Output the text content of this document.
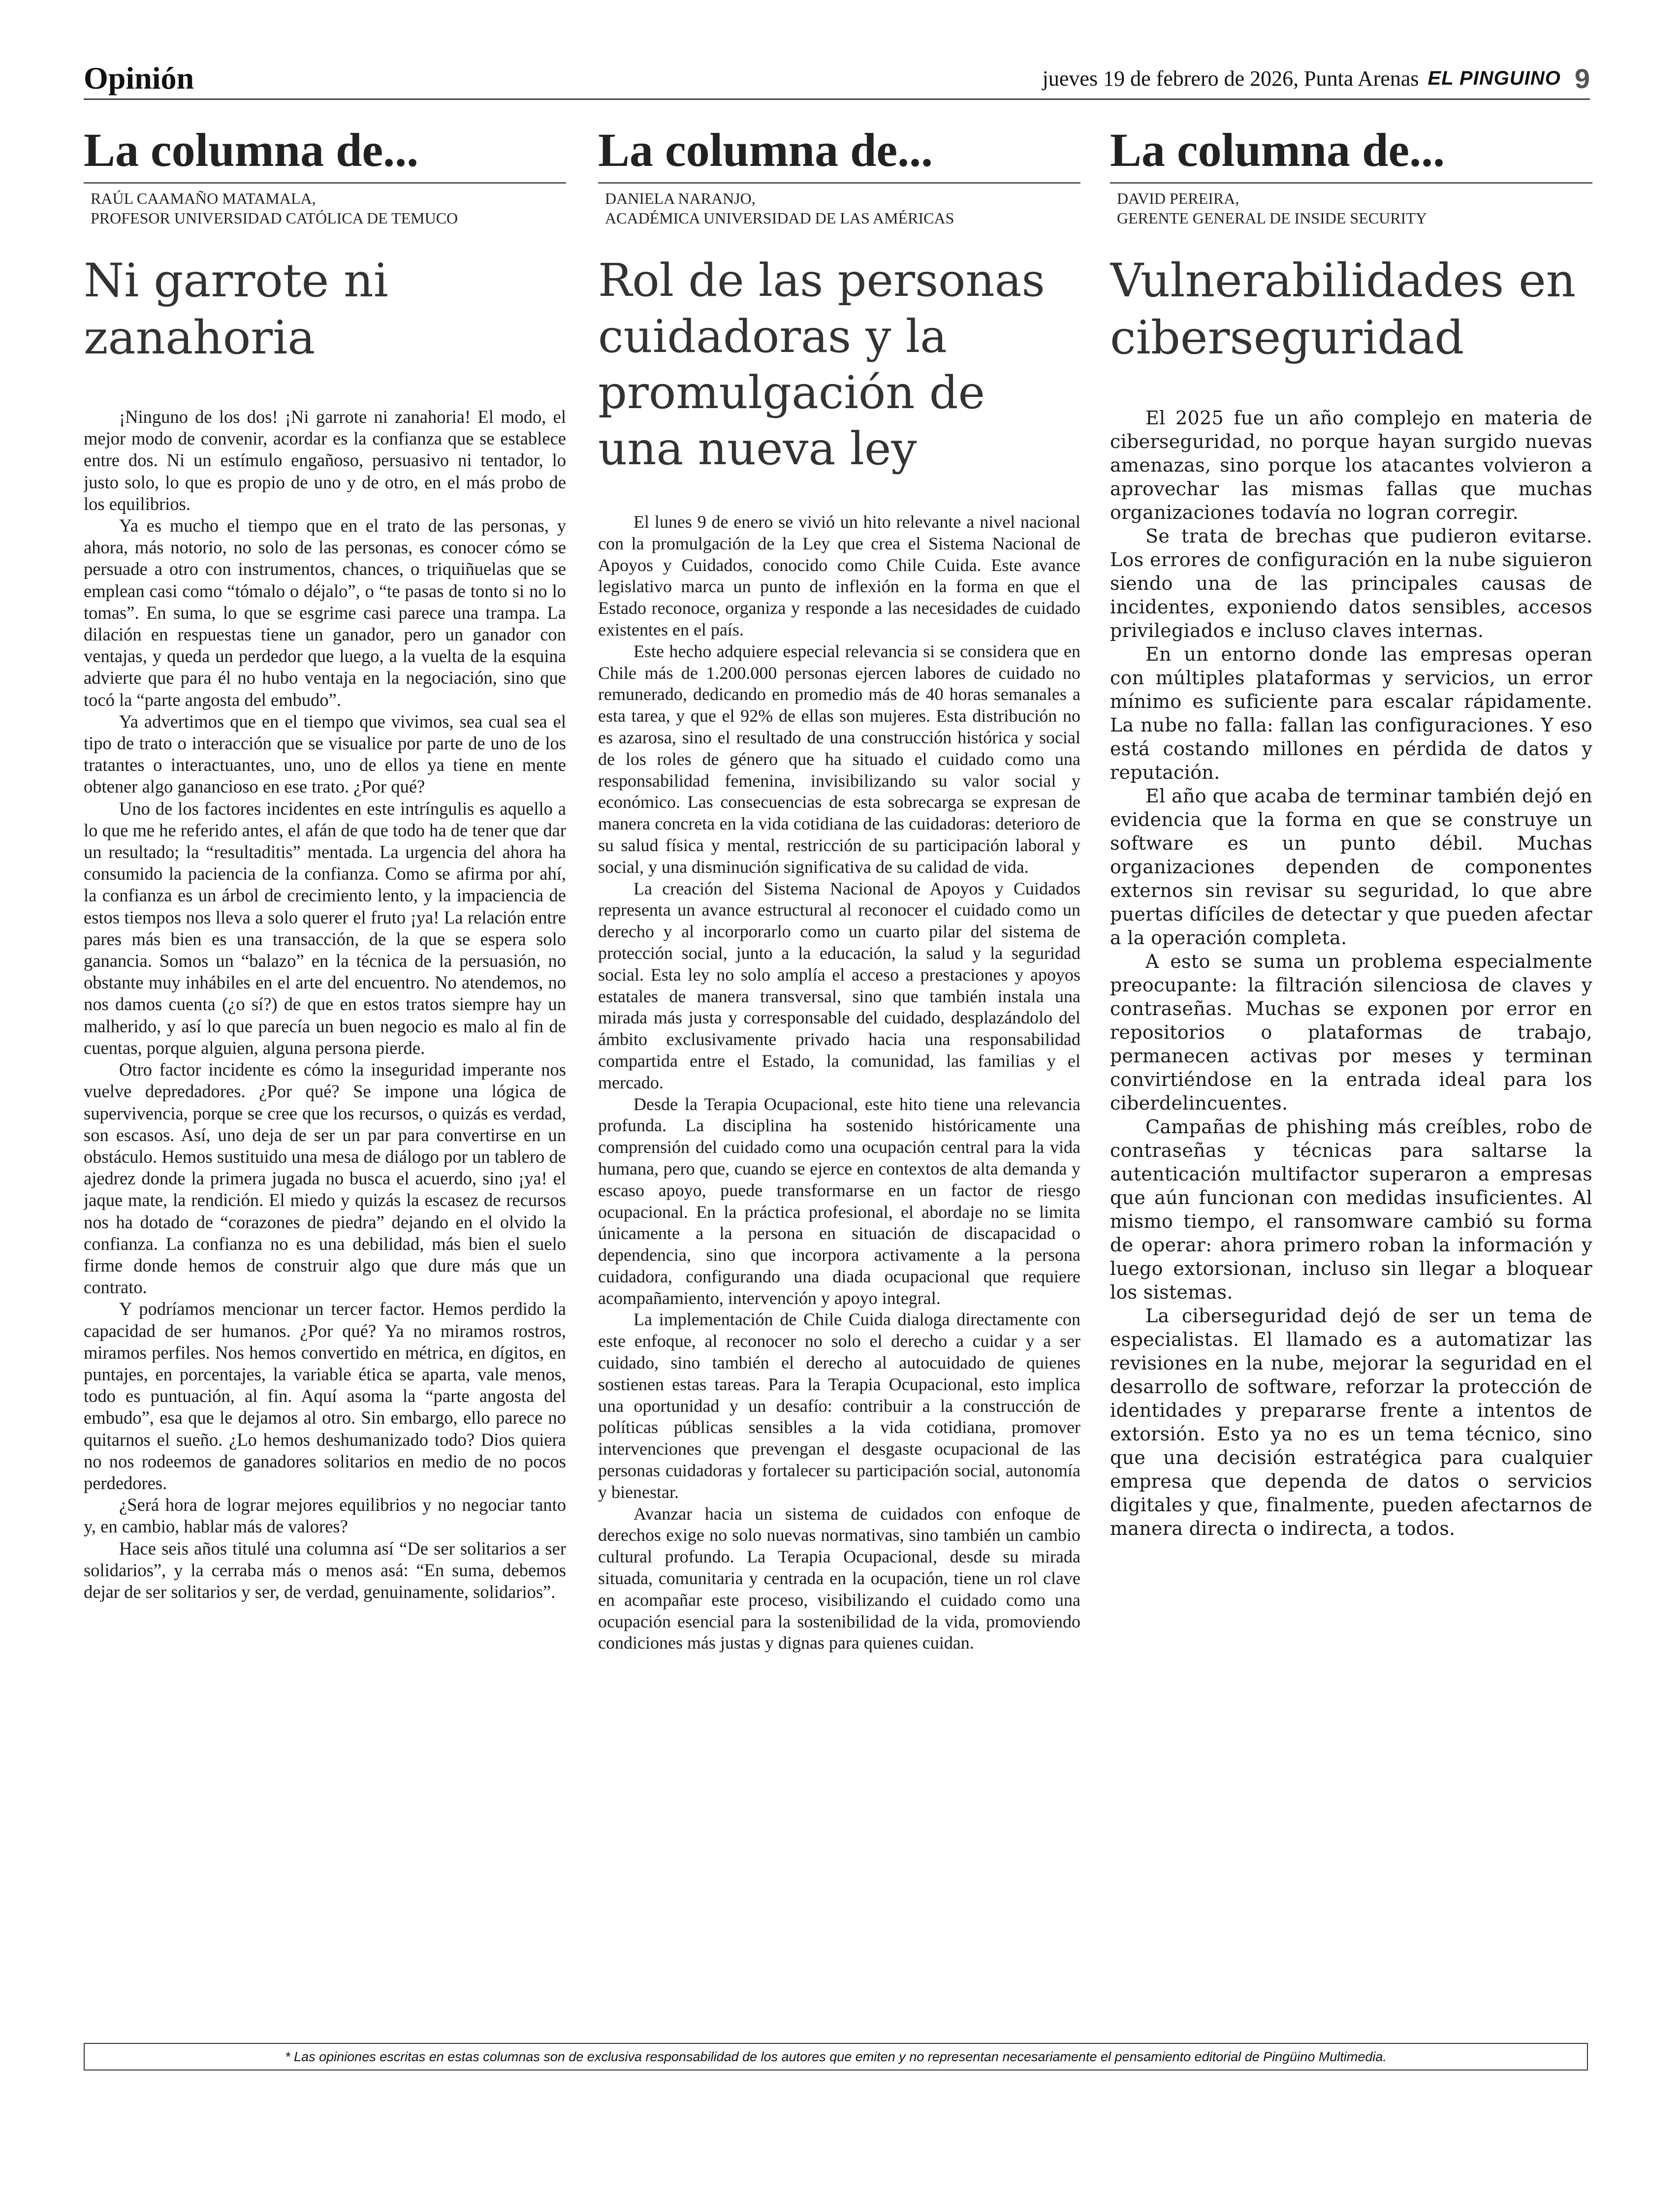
Opinión	jueves 19 de febrero de 2026, Punta Arenas EL PINGUINO 9
La columna de...
RAÚL CAAMAÑO MATAMALA,
PROFESOR UNIVERSIDAD CATÓLICA DE TEMUCO
Ni garrote ni zanahoria

¡Ninguno de los dos! ¡Ni garrote ni zanahoria! El modo, el mejor modo de convenir, acordar es la confianza que se establece entre dos. Ni un estímulo engañoso, persuasivo ni tentador, lo justo solo, lo que es propio de uno y de otro, en el más probo de los equilibrios.

Ya es mucho el tiempo que en el trato de las personas, y ahora, más notorio, no solo de las personas, es conocer cómo se persuade a otro con instrumentos, chances, o triquiñuelas que se emplean casi como “tómalo o déjalo”, o “te pasas de tonto si no lo tomas”. En suma, lo que se esgrime casi parece una trampa. La dilación en respuestas tiene un ganador, pero un ganador con ventajas, y queda un perdedor que luego, a la vuelta de la esquina advierte que para él no hubo ventaja en la negociación, sino que tocó la “parte angosta del embudo”.

Ya advertimos que en el tiempo que vivimos, sea cual sea el tipo de trato o interacción que se visualice por parte de uno de los tratantes o interactuantes, uno, uno de ellos ya tiene en mente obtener algo ganancioso en ese trato. ¿Por qué?

Uno de los factores incidentes en este intríngulis es aquello a lo que me he referido antes, el afán de que todo ha de tener que dar un resultado; la “resultaditis” mentada. La urgencia del ahora ha consumido la paciencia de la confianza. Como se afirma por ahí, la confianza es un árbol de crecimiento lento, y la impaciencia de estos tiempos nos lleva a solo querer el fruto ¡ya! La relación entre pares más bien es una transacción, de la que se espera solo ganancia. Somos un “balazo” en la técnica de la persuasión, no obstante muy inhábiles en el arte del encuentro. No atendemos, no nos damos cuenta (¿o sí?) de que en estos tratos siempre hay un malherido, y así lo que parecía un buen negocio es malo al fin de cuentas, porque alguien, alguna persona pierde.

Otro factor incidente es cómo la inseguridad imperante nos vuelve depredadores. ¿Por qué? Se impone una lógica de supervivencia, porque se cree que los recursos, o quizás es verdad, son escasos. Así, uno deja de ser un par para convertirse en un obstáculo. Hemos sustituido una mesa de diálogo por un tablero de ajedrez donde la primera jugada no busca el acuerdo, sino ¡ya! el jaque mate, la rendición. El miedo y quizás la escasez de recursos nos ha dotado de “corazones de piedra” dejando en el olvido la confianza. La confianza no es una debilidad, más bien el suelo firme donde hemos de construir algo que dure más que un contrato.

Y podríamos mencionar un tercer factor. Hemos perdido la capacidad de ser humanos. ¿Por qué? Ya no miramos rostros, miramos perfiles. Nos hemos convertido en métrica, en dígitos, en puntajes, en porcentajes, la variable ética se aparta, vale menos, todo es puntuación, al fin. Aquí asoma la “parte angosta del embudo”, esa que le dejamos al otro. Sin embargo, ello parece no quitarnos el sueño. ¿Lo hemos deshumanizado todo? Dios quiera no nos rodeemos de ganadores solitarios en medio de no pocos perdedores.

¿Será hora de lograr mejores equilibrios y no negociar tanto y, en cambio, hablar más de valores?

Hace seis años titulé una columna así “De ser solitarios a ser solidarios”, y la cerraba más o menos asá: “En suma, debemos dejar de ser solitarios y ser, de verdad, genuinamente, solidarios”.

La columna de...
DANIELA NARANJO,
ACADÉMICA UNIVERSIDAD DE LAS AMÉRICAS
Rol de las personas cuidadoras y la promulgación de una nueva ley

El lunes 9 de enero se vivió un hito relevante a nivel nacional con la promulgación de la Ley que crea el Sistema Nacional de Apoyos y Cuidados, conocido como Chile Cuida. Este avance legislativo marca un punto de inflexión en la forma en que el Estado reconoce, organiza y responde a las necesidades de cuidado existentes en el país.

Este hecho adquiere especial relevancia si se considera que en Chile más de 1.200.000 personas ejercen labores de cuidado no remunerado, dedicando en promedio más de 40 horas semanales a esta tarea, y que el 92% de ellas son mujeres. Esta distribución no es azarosa, sino el resultado de una construcción histórica y social de los roles de género que ha situado el cuidado como una responsabilidad femenina, invisibilizando su valor social y económico. Las consecuencias de esta sobrecarga se expresan de manera concreta en la vida cotidiana de las cuidadoras: deterioro de su salud física y mental, restricción de su participación laboral y social, y una disminución significativa de su calidad de vida.

La creación del Sistema Nacional de Apoyos y Cuidados representa un avance estructural al reconocer el cuidado como un derecho y al incorporarlo como un cuarto pilar del sistema de protección social, junto a la educación, la salud y la seguridad social. Esta ley no solo amplía el acceso a prestaciones y apoyos estatales de manera transversal, sino que también instala una mirada más justa y corresponsable del cuidado, desplazándolo del ámbito exclusivamente privado hacia una responsabilidad compartida entre el Estado, la comunidad, las familias y el mercado.

Desde la Terapia Ocupacional, este hito tiene una relevancia profunda. La disciplina ha sostenido históricamente una comprensión del cuidado como una ocupación central para la vida humana, pero que, cuando se ejerce en contextos de alta demanda y escaso apoyo, puede transformarse en un factor de riesgo ocupacional. En la práctica profesional, el abordaje no se limita únicamente a la persona en situación de discapacidad o dependencia, sino que incorpora activamente a la persona cuidadora, configurando una diada ocupacional que requiere acompañamiento, intervención y apoyo integral.

La implementación de Chile Cuida dialoga directamente con este enfoque, al reconocer no solo el derecho a cuidar y a ser cuidado, sino también el derecho al autocuidado de quienes sostienen estas tareas. Para la Terapia Ocupacional, esto implica una oportunidad y un desafío: contribuir a la construcción de políticas públicas sensibles a la vida cotidiana, promover intervenciones que prevengan el desgaste ocupacional de las personas cuidadoras y fortalecer su participación social, autonomía y bienestar.

Avanzar hacia un sistema de cuidados con enfoque de derechos exige no solo nuevas normativas, sino también un cambio cultural profundo. La Terapia Ocupacional, desde su mirada situada, comunitaria y centrada en la ocupación, tiene un rol clave en acompañar este proceso, visibilizando el cuidado como una ocupación esencial para la sostenibilidad de la vida, promoviendo condiciones más justas y dignas para quienes cuidan.

La columna de...
DAVID PEREIRA,
GERENTE GENERAL DE INSIDE SECURITY
Vulnerabilidades en ciberseguridad

El 2025 fue un año complejo en materia de ciberseguridad, no porque hayan surgido nuevas amenazas, sino porque los atacantes volvieron a aprovechar las mismas fallas que muchas organizaciones todavía no logran corregir.

Se trata de brechas que pudieron evitarse. Los errores de configuración en la nube siguieron siendo una de las principales causas de incidentes, exponiendo datos sensibles, accesos privilegiados e incluso claves internas.

En un entorno donde las empresas operan con múltiples plataformas y servicios, un error mínimo es suficiente para escalar rápidamente. La nube no falla: fallan las configuraciones. Y eso está costando millones en pérdida de datos y reputación.

El año que acaba de terminar también dejó en evidencia que la forma en que se construye un software es un punto débil. Muchas organizaciones dependen de componentes externos sin revisar su seguridad, lo que abre puertas difíciles de detectar y que pueden afectar a la operación completa.

A esto se suma un problema especialmente preocupante: la filtración silenciosa de claves y contraseñas. Muchas se exponen por error en repositorios o plataformas de trabajo, permanecen activas por meses y terminan convirtiéndose en la entrada ideal para los ciberdelincuentes.

Campañas de phishing más creíbles, robo de contraseñas y técnicas para saltarse la autenticación multifactor superaron a empresas que aún funcionan con medidas insuficientes. Al mismo tiempo, el ransomware cambió su forma de operar: ahora primero roban la información y luego extorsionan, incluso sin llegar a bloquear los sistemas.

La ciberseguridad dejó de ser un tema de especialistas. El llamado es a automatizar las revisiones en la nube, mejorar la seguridad en el desarrollo de software, reforzar la protección de identidades y prepararse frente a intentos de extorsión. Esto ya no es un tema técnico, sino que una decisión estratégica para cualquier empresa que dependa de datos o servicios digitales y que, finalmente, pueden afectarnos de manera directa o indirecta, a todos.

* Las opiniones escritas en estas columnas son de exclusiva responsabilidad de los autores que emiten y no representan necesariamente el pensamiento editorial de Pingüino Multimedia.
